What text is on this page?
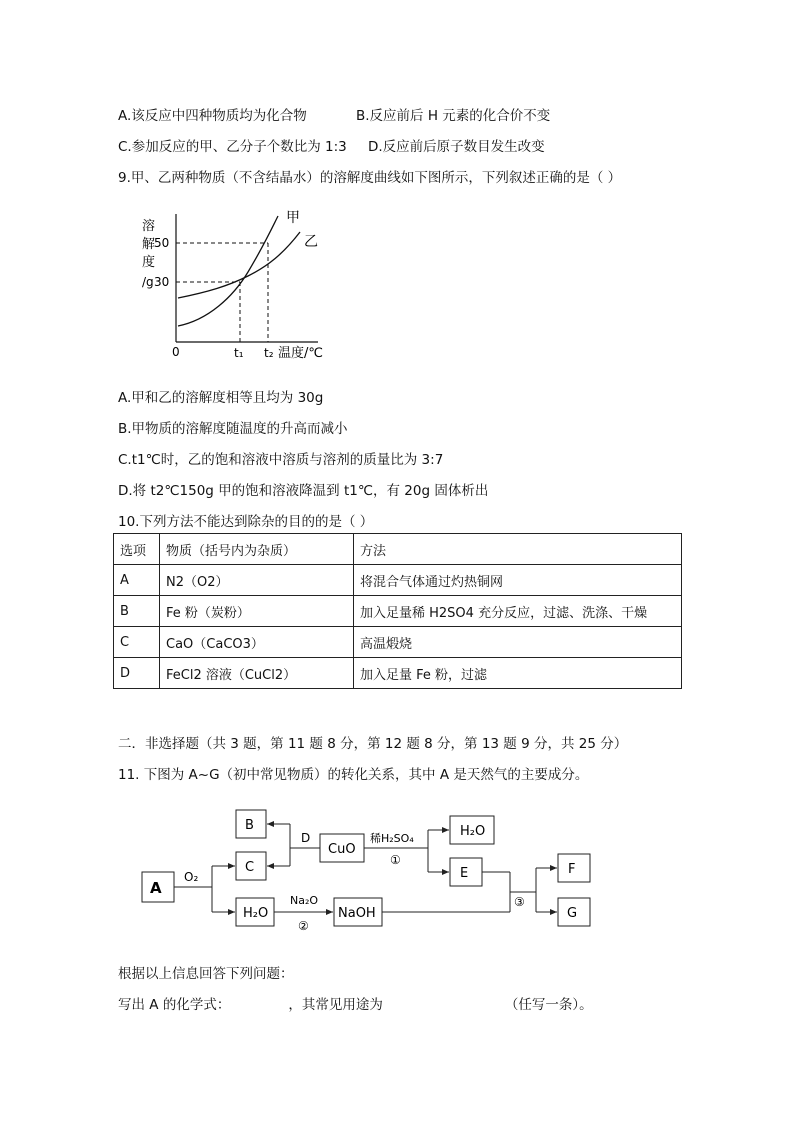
A.该反应中四种物质均为化合物	B.反应前后 H 元素的化合价不变
C.参加反应的甲、乙分子个数比为 1:3 D.反应前后原子数目发生改变
9.甲、乙两种物质（不含结晶水）的溶解度曲线如下图所示，下列叙述正确的是（ ）
溶
解
度
/g
50
30
0	t₁ t₂ 温度/℃
甲
乙
A.甲和乙的溶解度相等且均为 30g
B.甲物质的溶解度随温度的升高而减小
C.t1℃时，乙的饱和溶液中溶质与溶剂的质量比为 3:7
D.将 t2℃150g 甲的饱和溶液降温到 t1℃，有 20g 固体析出
10.下列方法不能达到除杂的目的的是（ ）
选项	物质（括号内为杂质）	方法
A	N2（O2）	将混合气体通过灼热铜网
B	Fe 粉（炭粉）	加入足量稀 H2SO4 充分反应，过滤、洗涤、干燥
C	CaO（CaCO3）	高温煅烧
D	FeCl2 溶液（CuCl2）	加入足量 Fe 粉，过滤
二．非选择题（共 3 题，第 11 题 8 分，第 12 题 8 分，第 13 题 9 分，共 25 分）
11. 下图为 A~G（初中常见物质）的转化关系，其中 A 是天然气的主要成分。
A
B
C
CuO
H₂O
E	F
G
H₂O	NaOH
O₂
D	稀H₂SO₄
①
Na₂O
②
③
根据以上信息回答下列问题：
写出 A 的化学式：	，其常见用途为	（任写一条）。
